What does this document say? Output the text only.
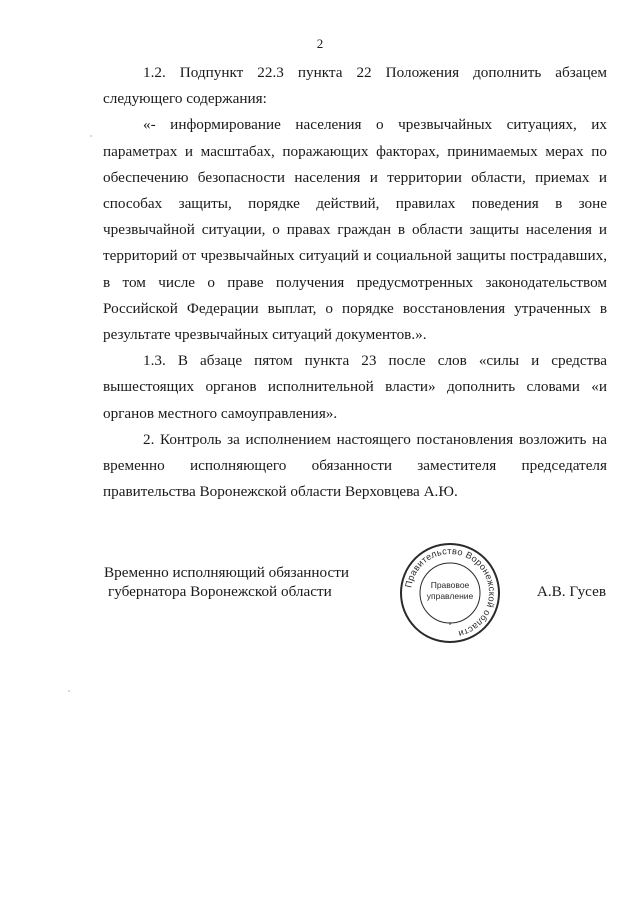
2

1.2. Подпункт 22.3 пункта 22 Положения дополнить абзацем следующего содержания:

«- информирование населения о чрезвычайных ситуациях, их параметрах и масштабах, поражающих факторах, принимаемых мерах по обеспечению безопасности населения и территории области, приемах и способах защиты, порядке действий, правилах поведения в зоне чрезвычайной ситуации, о правах граждан в области защиты населения и территорий от чрезвычайных ситуаций и социальной защиты пострадавших, в том числе о праве получения предусмотренных законодательством Российской Федерации выплат, о порядке восстановления утраченных в результате чрезвычайных ситуаций документов.».

1.3. В абзаце пятом пункта 23 после слов «силы и средства вышестоящих органов исполнительной власти» дополнить словами «и органов местного самоуправления».

2. Контроль за исполнением настоящего постановления возложить на временно исполняющего обязанности заместителя председателя правительства Воронежской области Верховцева А.Ю.

Временно исполняющий обязанности
губернатора Воронежской области	А.В. Гусев
Правительство Воронежской области
Правовое
управление
*
